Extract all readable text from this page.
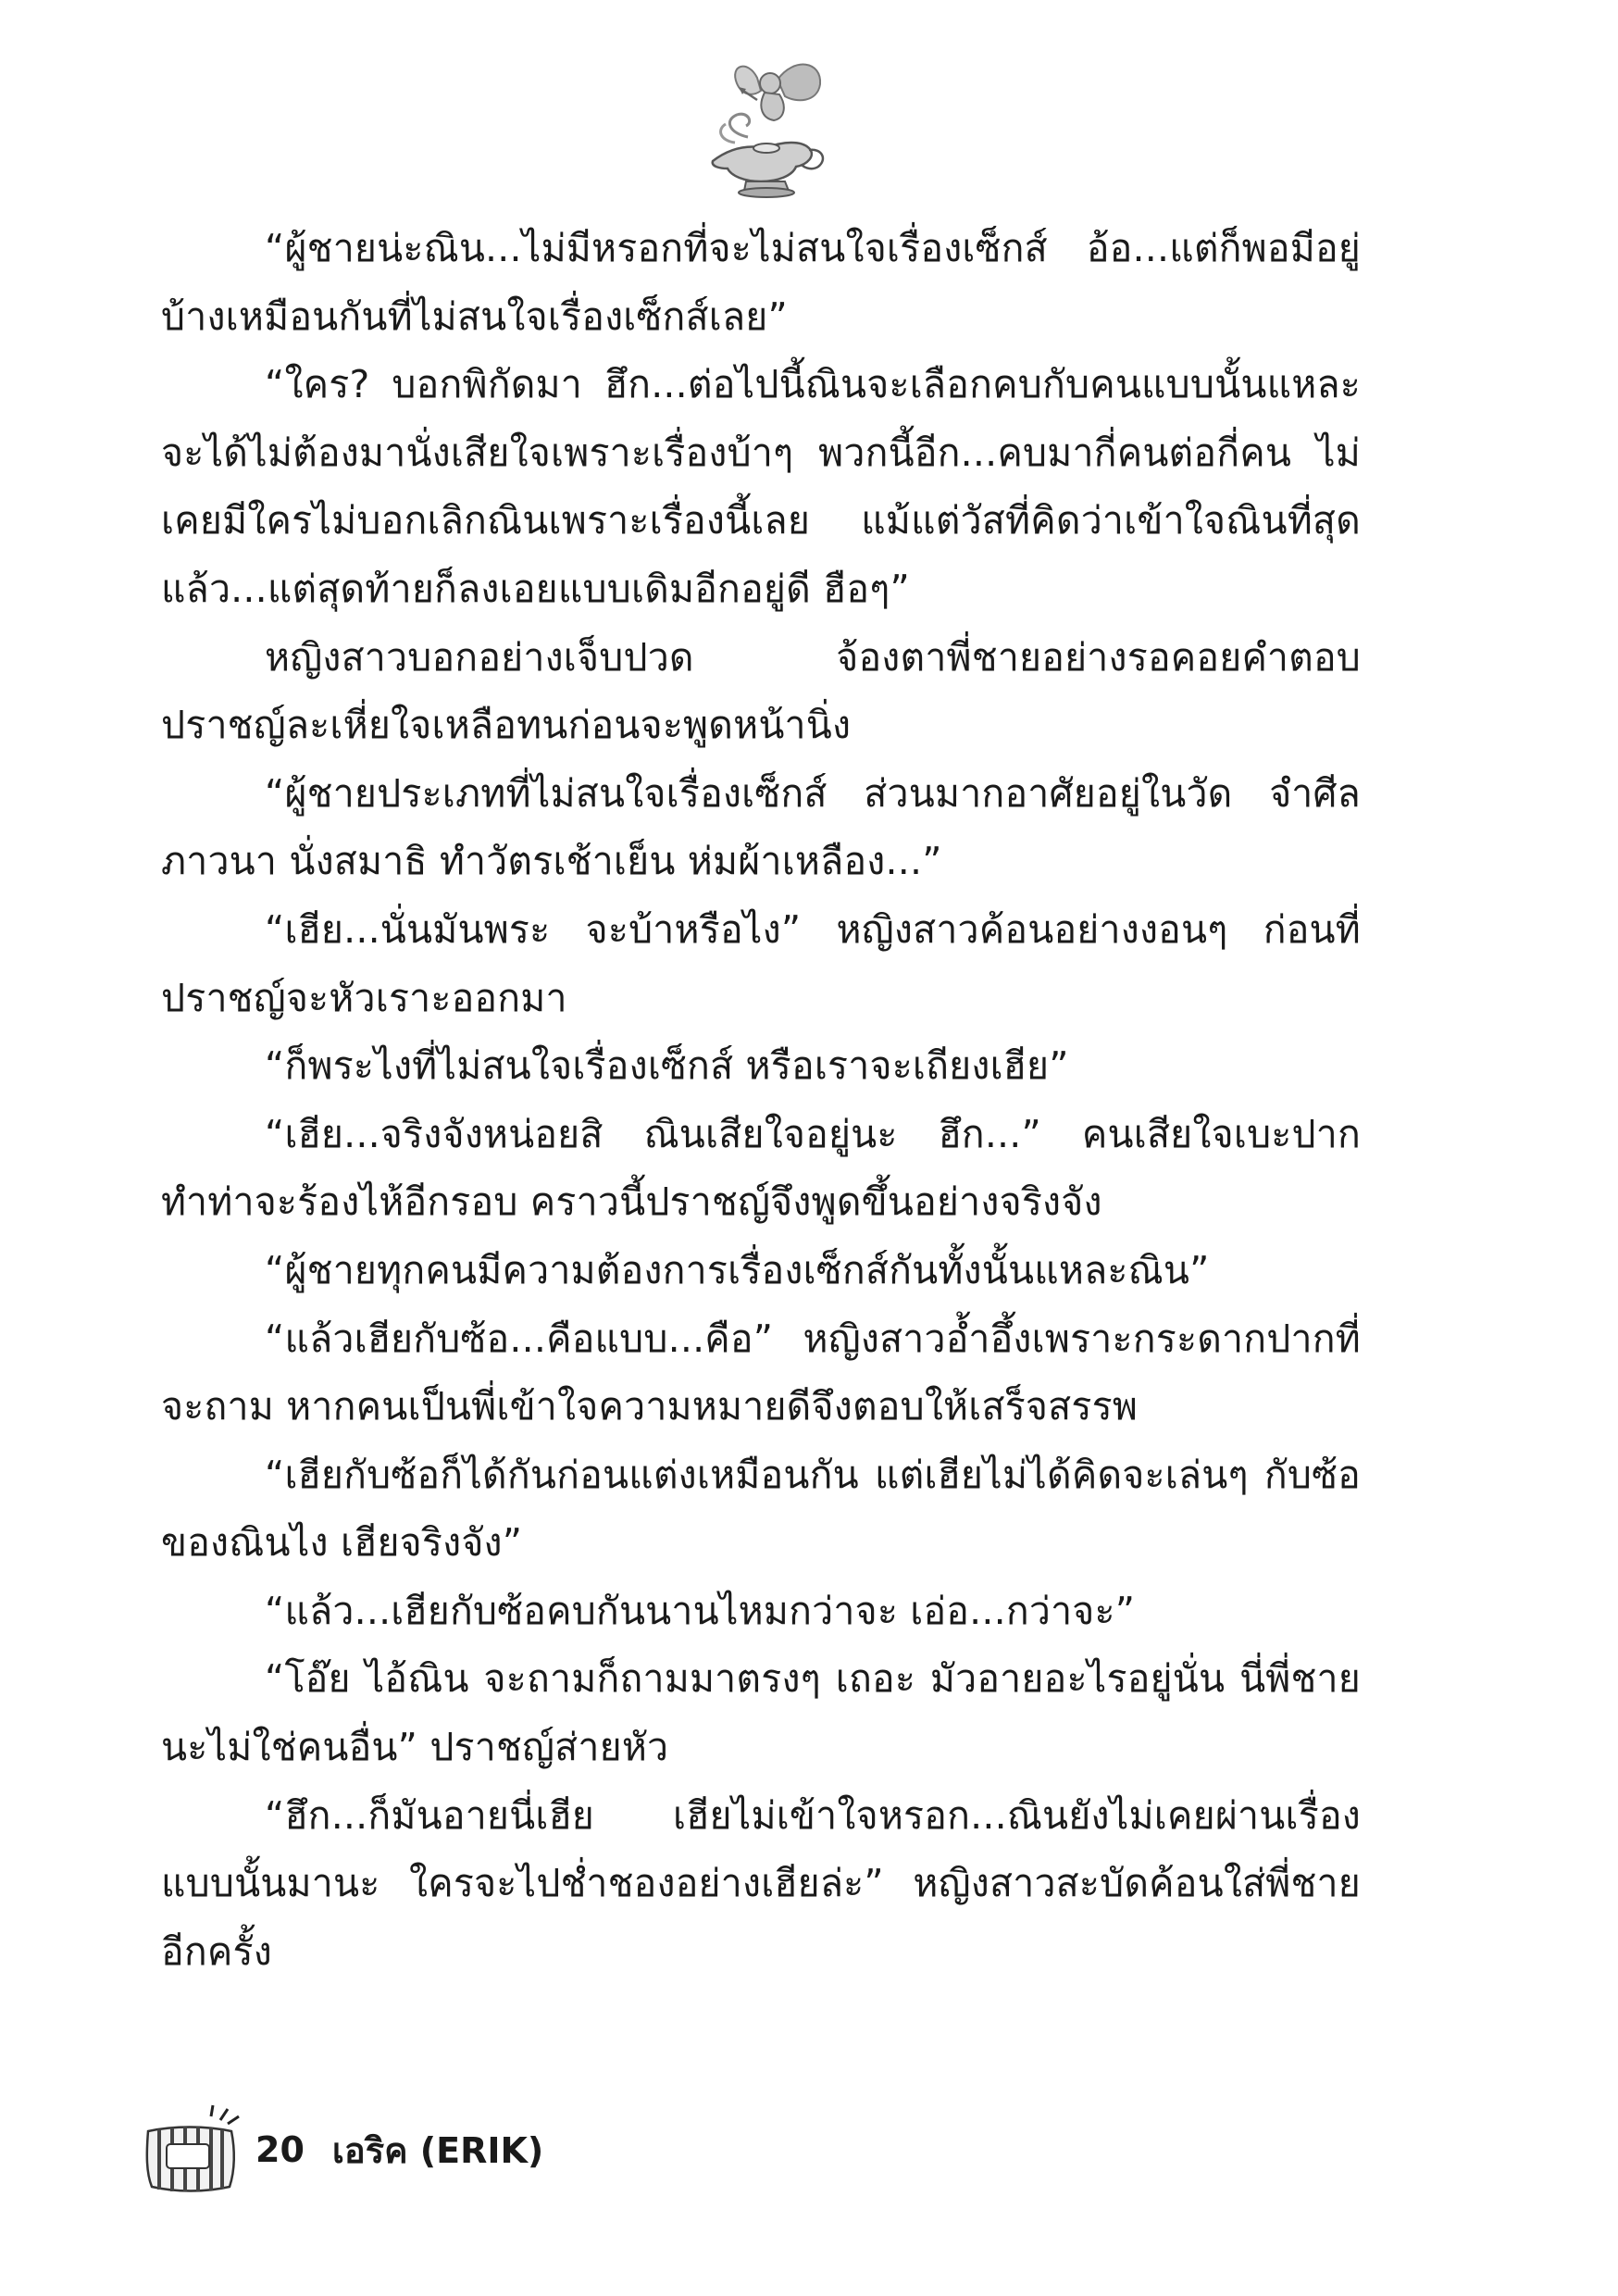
“ผู้ชายน่ะณิน...ไม่มีหรอกที่จะไม่สนใจเรื่องเซ็กส์ อ้อ...แต่ก็พอมีอยู่บ้างเหมือนกันที่ไม่สนใจเรื่องเซ็กส์เลย”

“ใคร? บอกพิกัดมา ฮึก...ต่อไปนี้ณินจะเลือกคบกับคนแบบนั้นแหละ จะได้ไม่ต้องมานั่งเสียใจเพราะเรื่องบ้าๆ พวกนี้อีก...คบมากี่คนต่อกี่คน ไม่เคยมีใครไม่บอกเลิกณินเพราะเรื่องนี้เลย แม้แต่วัสที่คิดว่าเข้าใจณินที่สุดแล้ว...แต่สุดท้ายก็ลงเอยแบบเดิมอีกอยู่ดี ฮือๆ”

หญิงสาวบอกอย่างเจ็บปวด จ้องตาพี่ชายอย่างรอคอยคำตอบ ปราชญ์ละเหี่ยใจเหลือทนก่อนจะพูดหน้านิ่ง

“ผู้ชายประเภทที่ไม่สนใจเรื่องเซ็กส์ ส่วนมากอาศัยอยู่ในวัด จำศีล ภาวนา นั่งสมาธิ ทำวัตรเช้าเย็น ห่มผ้าเหลือง...”

“เฮีย...นั่นมันพระ จะบ้าหรือไง” หญิงสาวค้อนอย่างงอนๆ ก่อนที่ปราชญ์จะหัวเราะออกมา

“ก็พระไงที่ไม่สนใจเรื่องเซ็กส์ หรือเราจะเถียงเฮีย”

“เฮีย...จริงจังหน่อยสิ ณินเสียใจอยู่นะ ฮึก...” คนเสียใจเบะปาก ทำท่าจะร้องไห้อีกรอบ คราวนี้ปราชญ์จึงพูดขึ้นอย่างจริงจัง

“ผู้ชายทุกคนมีความต้องการเรื่องเซ็กส์กันทั้งนั้นแหละณิน”

“แล้วเฮียกับซ้อ...คือแบบ...คือ” หญิงสาวอ้ำอึ้งเพราะกระดากปากที่จะถาม หากคนเป็นพี่เข้าใจความหมายดีจึงตอบให้เสร็จสรรพ

“เฮียกับซ้อก็ได้กันก่อนแต่งเหมือนกัน แต่เฮียไม่ได้คิดจะเล่นๆ กับซ้อของณินไง เฮียจริงจัง”

“แล้ว...เฮียกับซ้อคบกันนานไหมกว่าจะ เอ่อ...กว่าจะ”

“โอ๊ย ไอ้ณิน จะถามก็ถามมาตรงๆ เถอะ มัวอายอะไรอยู่นั่น นี่พี่ชายนะไม่ใช่คนอื่น” ปราชญ์ส่ายหัว

“ฮึก...ก็มันอายนี่เฮีย เฮียไม่เข้าใจหรอก...ณินยังไม่เคยผ่านเรื่องแบบนั้นมานะ ใครจะไปช่ำชองอย่างเฮียล่ะ” หญิงสาวสะบัดค้อนใส่พี่ชายอีกครั้ง

20 เอริค (ERIK)
